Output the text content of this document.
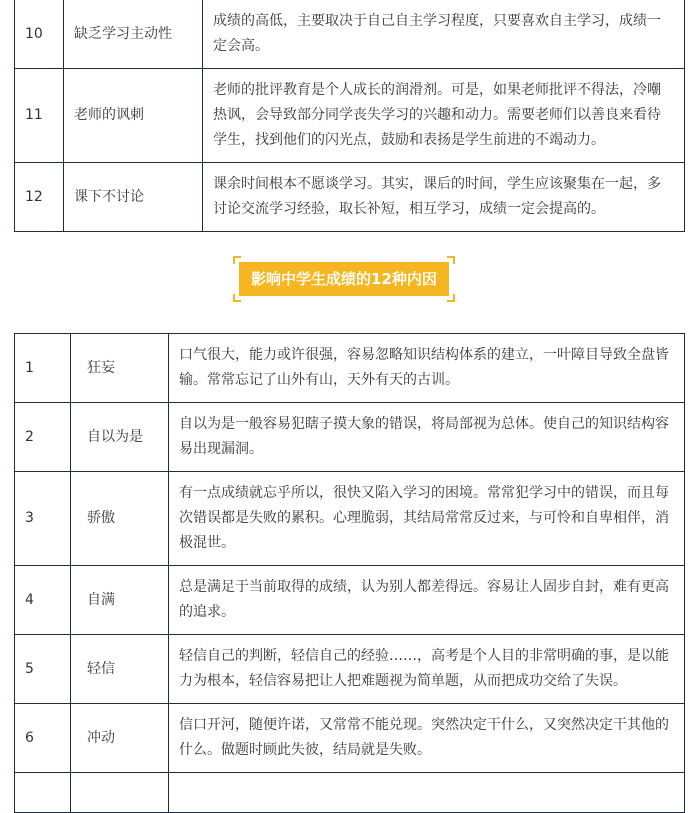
10	缺乏学习主动性	成绩的高低，主要取决于自己自主学习程度，只要喜欢自主学习，成绩一定会高。
11	老师的讽刺	老师的批评教育是个人成长的润滑剂。可是，如果老师批评不得法，冷嘲热讽，会导致部分同学丧失学习的兴趣和动力。需要老师们以善良来看待学生，找到他们的闪光点，鼓励和表扬是学生前进的不竭动力。
12	课下不讨论	课余时间根本不愿谈学习。其实，课后的时间，学生应该聚集在一起，多讨论交流学习经验，取长补短，相互学习，成绩一定会提高的。
影响中学生成绩的12种内因
1	狂妄	口气很大，能力或许很强，容易忽略知识结构体系的建立，一叶障目导致全盘皆输。常常忘记了山外有山，天外有天的古训。
2	自以为是	自以为是一般容易犯瞎子摸大象的错误，将局部视为总体。使自己的知识结构容易出现漏洞。
3	骄傲	有一点成绩就忘乎所以，很快又陷入学习的困境。常常犯学习中的错误，而且每次错误都是失败的累积。心理脆弱，其结局常常反过来，与可怜和自卑相伴，消极混世。
4	自满	总是满足于当前取得的成绩，认为别人都差得远。容易让人固步自封，难有更高的追求。
5	轻信	轻信自己的判断，轻信自己的经验……，高考是个人目的非常明确的事，是以能力为根本，轻信容易把让人把难题视为简单题，从而把成功交给了失误。
6	冲动	信口开河，随便许诺，又常常不能兑现。突然决定干什么，又突然决定干其他的什么。做题时顾此失彼，结局就是失败。
